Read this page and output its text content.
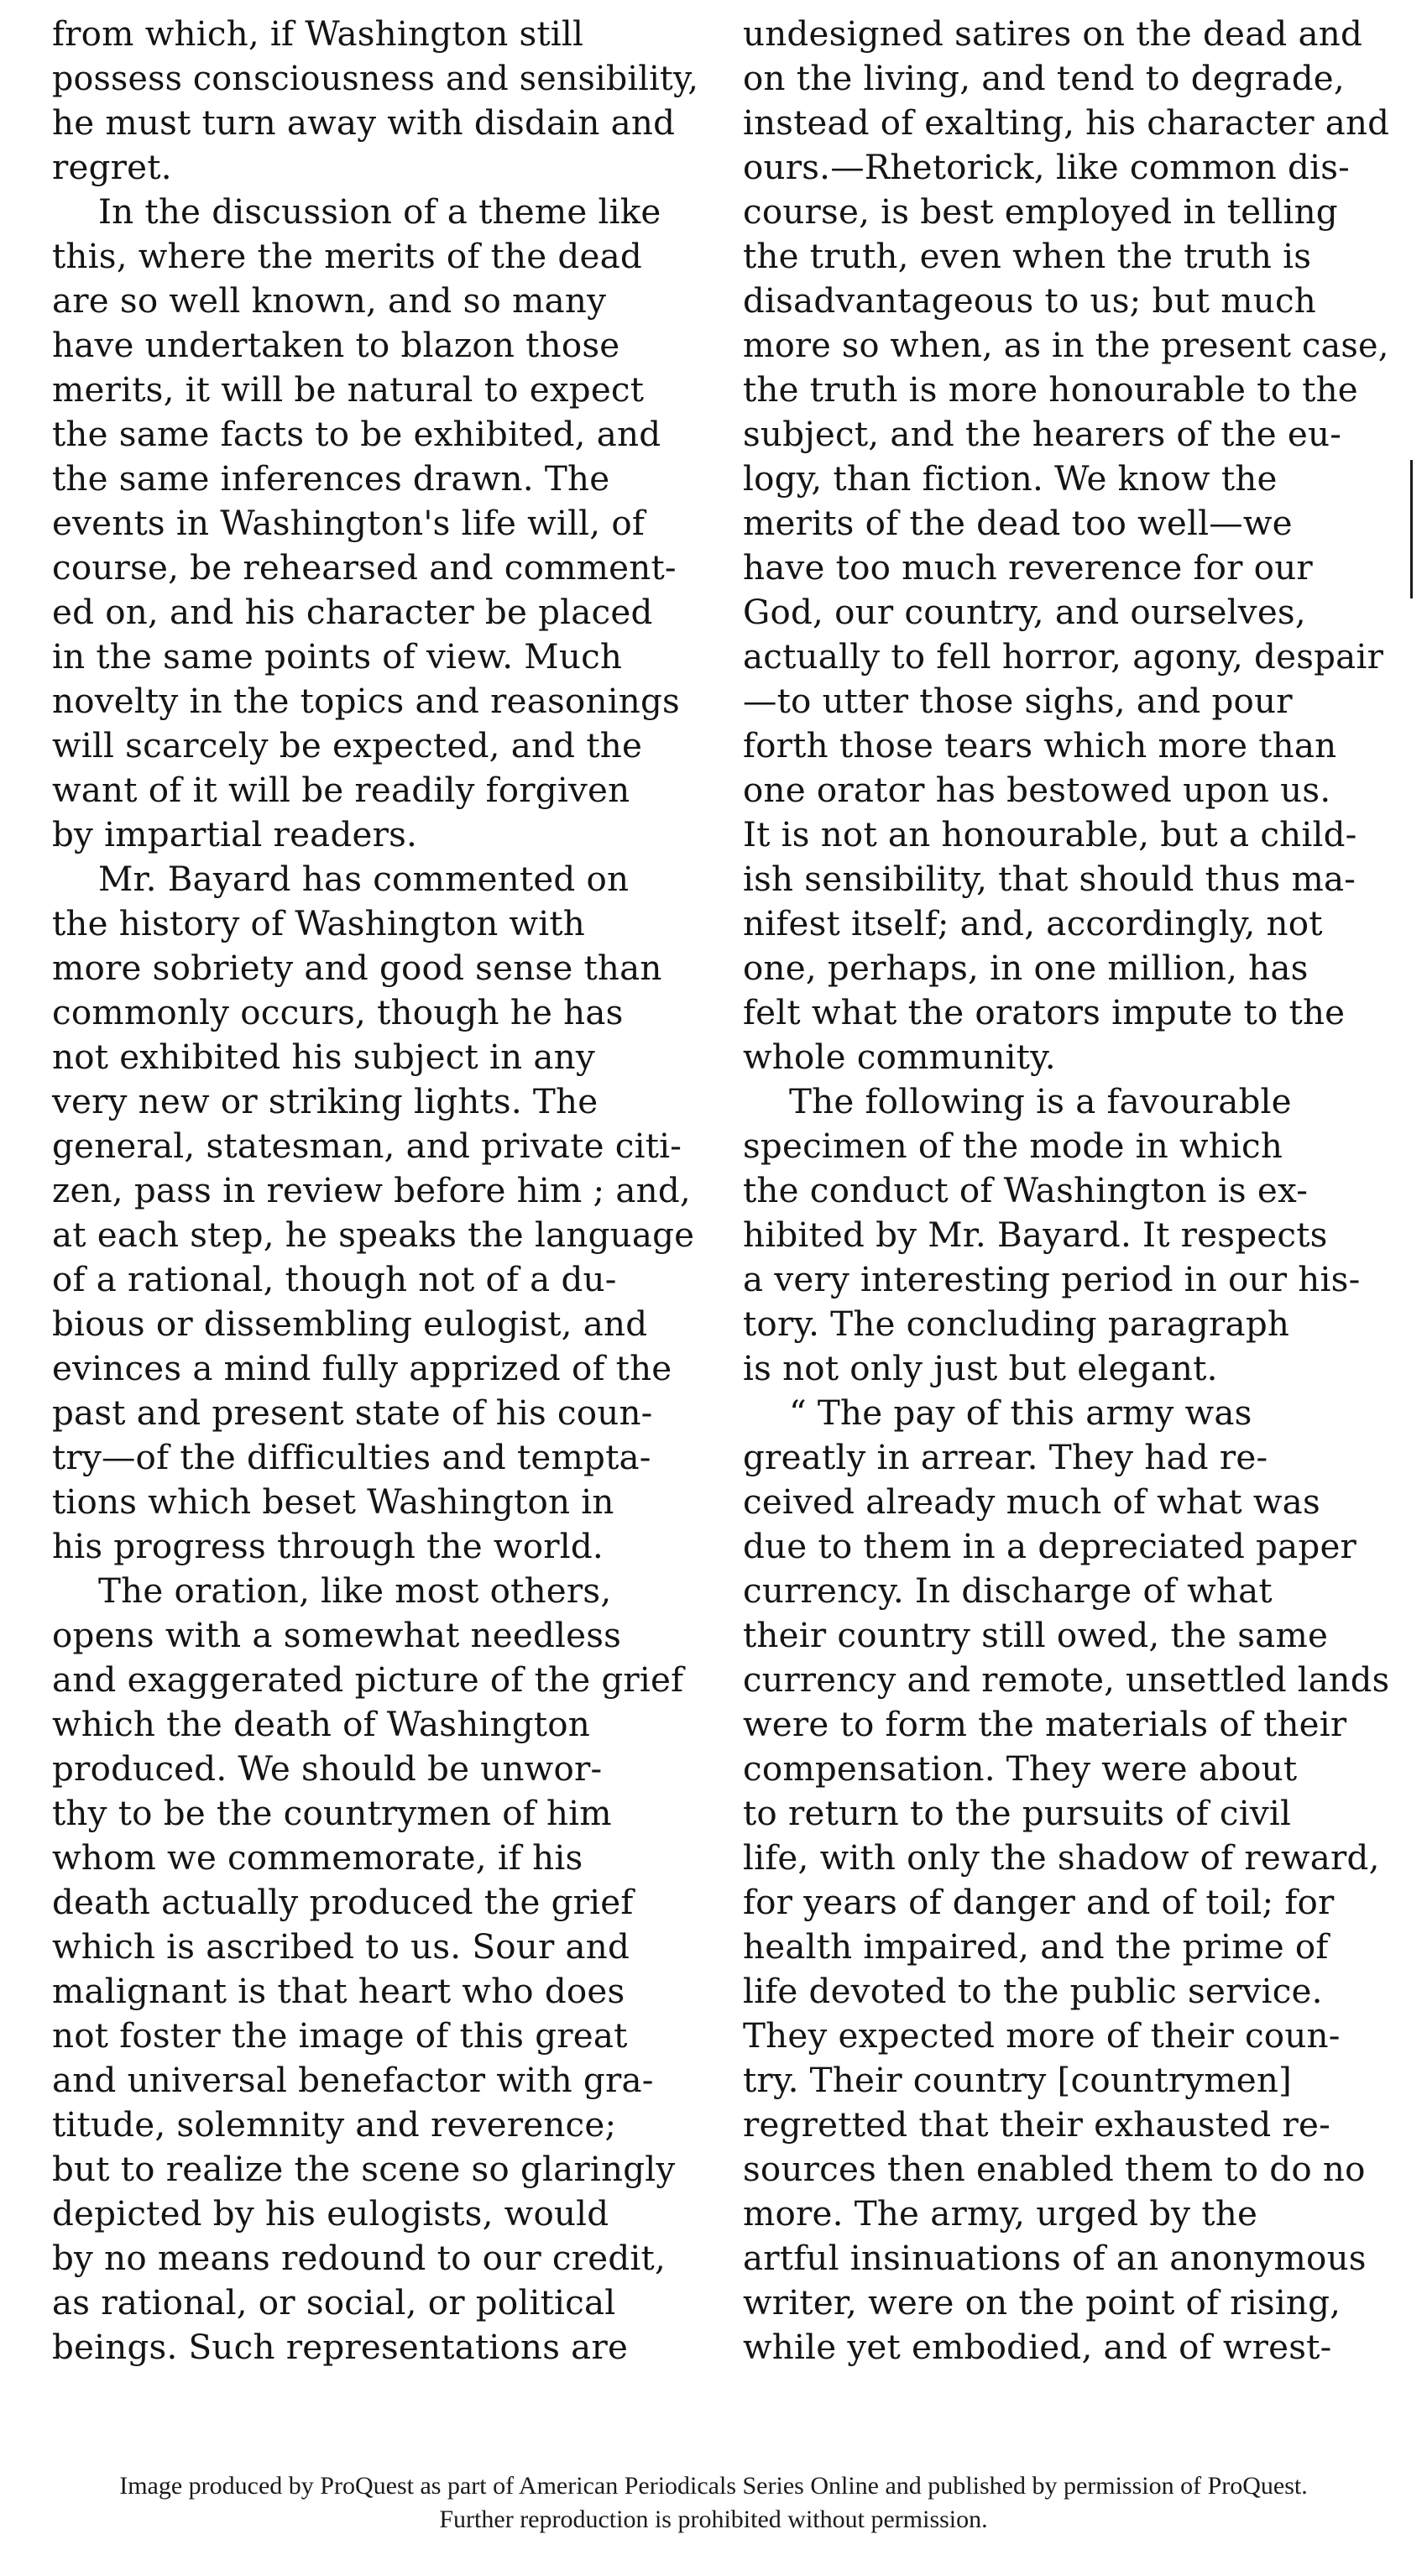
from which, if Washington still
possess consciousness and sensibility,
he must turn away with disdain and
regret.
In the discussion of a theme like
this, where the merits of the dead
are so well known, and so many
have undertaken to blazon those
merits, it will be natural to expect
the same facts to be exhibited, and
the same inferences drawn. The
events in Washington's life will, of
course, be rehearsed and comment-
ed on, and his character be placed
in the same points of view. Much
novelty in the topics and reasonings
will scarcely be expected, and the
want of it will be readily forgiven
by impartial readers.
Mr. Bayard has commented on
the history of Washington with
more sobriety and good sense than
commonly occurs, though he has
not exhibited his subject in any
very new or striking lights. The
general, statesman, and private citi-
zen, pass in review before him ; and,
at each step, he speaks the language
of a rational, though not of a du-
bious or dissembling eulogist, and
evinces a mind fully apprized of the
past and present state of his coun-
try—of the difficulties and tempta-
tions which beset Washington in
his progress through the world.
The oration, like most others,
opens with a somewhat needless
and exaggerated picture of the grief
which the death of Washington
produced. We should be unwor-
thy to be the countrymen of him
whom we commemorate, if his
death actually produced the grief
which is ascribed to us. Sour and
malignant is that heart who does
not foster the image of this great
and universal benefactor with gra-
titude, solemnity and reverence;
but to realize the scene so glaringly
depicted by his eulogists, would
by no means redound to our credit,
as rational, or social, or political
beings. Such representations are
undesigned satires on the dead and
on the living, and tend to degrade,
instead of exalting, his character and
ours.—Rhetorick, like common dis-
course, is best employed in telling
the truth, even when the truth is
disadvantageous to us; but much
more so when, as in the present case,
the truth is more honourable to the
subject, and the hearers of the eu-
logy, than fiction. We know the
merits of the dead too well—we
have too much reverence for our
God, our country, and ourselves,
actually to fell horror, agony, despair
—to utter those sighs, and pour
forth those tears which more than
one orator has bestowed upon us.
It is not an honourable, but a child-
ish sensibility, that should thus ma-
nifest itself; and, accordingly, not
one, perhaps, in one million, has
felt what the orators impute to the
whole community.
The following is a favourable
specimen of the mode in which
the conduct of Washington is ex-
hibited by Mr. Bayard. It respects
a very interesting period in our his-
tory. The concluding paragraph
is not only just but elegant.
“ The pay of this army was
greatly in arrear. They had re-
ceived already much of what was
due to them in a depreciated paper
currency. In discharge of what
their country still owed, the same
currency and remote, unsettled lands
were to form the materials of their
compensation. They were about
to return to the pursuits of civil
life, with only the shadow of reward,
for years of danger and of toil; for
health impaired, and the prime of
life devoted to the public service.
They expected more of their coun-
try. Their country [countrymen]
regretted that their exhausted re-
sources then enabled them to do no
more. The army, urged by the
artful insinuations of an anonymous
writer, were on the point of rising,
while yet embodied, and of wrest-
Image produced by ProQuest as part of American Periodicals Series Online and published by permission of ProQuest.
Further reproduction is prohibited without permission.
